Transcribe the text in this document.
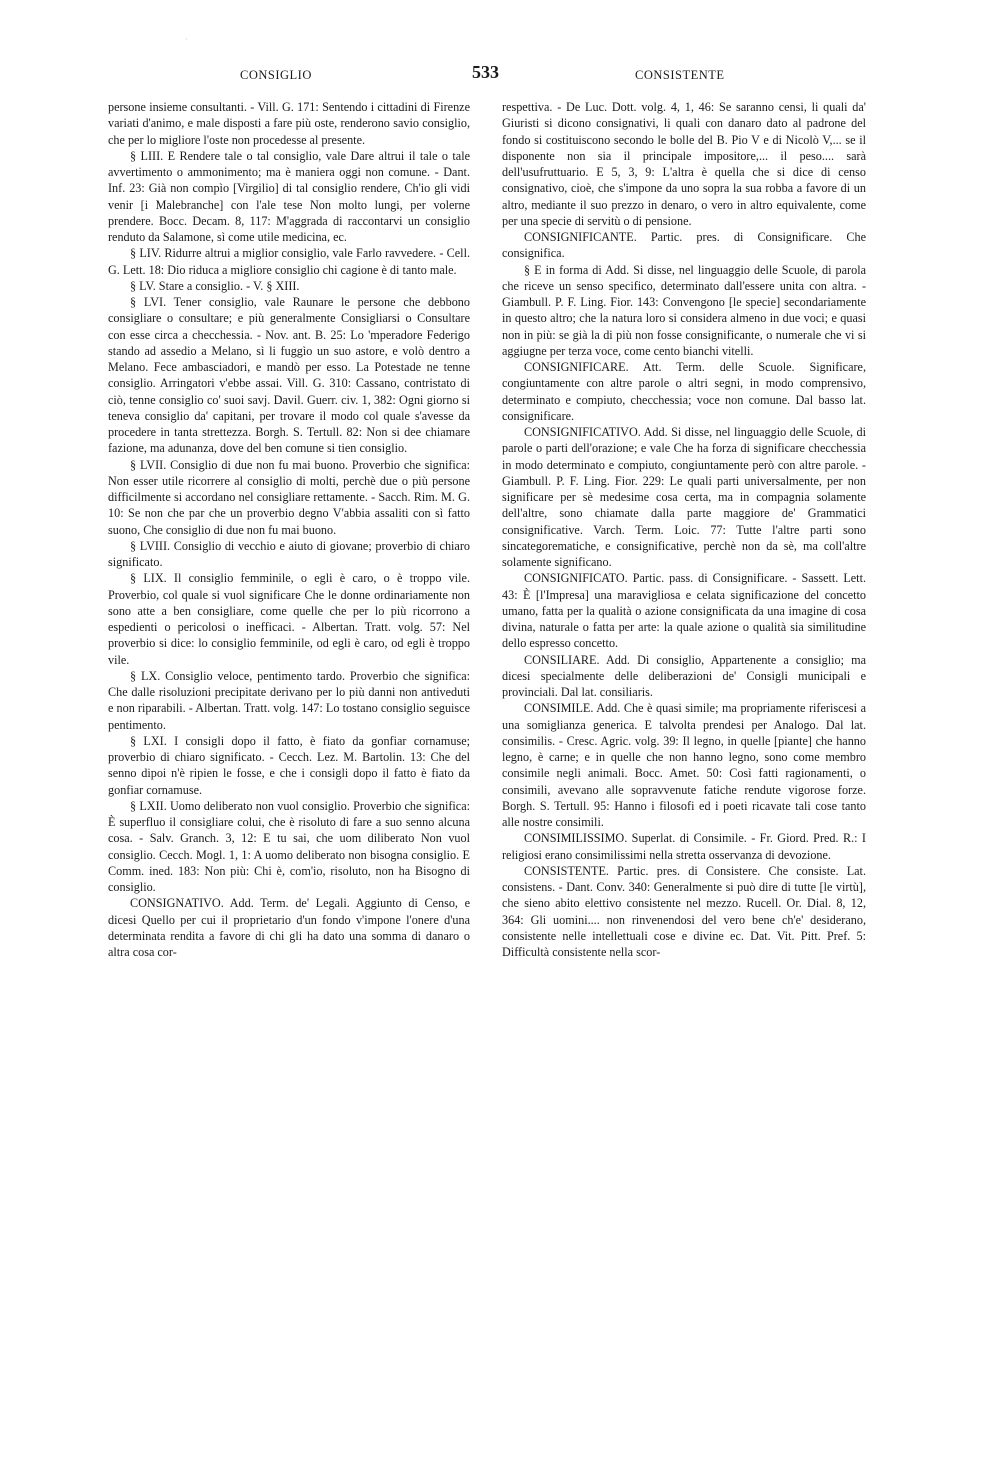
·
CONSIGLIO	533	CONSISTENTE

persone insieme consultanti. - Vill. G. 171: Sentendo i cittadini di Firenze variati d'animo, e male disposti a fare più oste, renderono savio consiglio, che per lo migliore l'oste non procedesse al presente.

§ LIII. E Rendere tale o tal consiglio, vale Dare altrui il tale o tale avvertimento o ammonimento; ma è maniera oggi non comune. - Dant. Inf. 23: Già non compìo [Virgilio] di tal consiglio rendere, Ch'io gli vidi venir [i Malebranche] con l'ale tese Non molto lungi, per volerne prendere. Bocc. Decam. 8, 117: M'aggrada di raccontarvi un consiglio renduto da Salamone, sì come utile medicina, ec.

§ LIV. Ridurre altrui a miglior consiglio, vale Farlo ravvedere. - Cell. G. Lett. 18: Dio riduca a migliore consiglio chi cagione è di tanto male.

§ LV. Stare a consiglio. - V. § XIII.

§ LVI. Tener consiglio, vale Raunare le persone che debbono consigliare o consultare; e più generalmente Consigliarsi o Consultare con esse circa a checchessia. - Nov. ant. B. 25: Lo 'mperadore Federigo stando ad assedio a Melano, sì li fuggìo un suo astore, e volò dentro a Melano. Fece ambasciadori, e mandò per esso. La Potestade ne tenne consiglio. Arringatori v'ebbe assai. Vill. G. 310: Cassano, contristato di ciò, tenne consiglio co' suoi savj. Davil. Guerr. civ. 1, 382: Ogni giorno si teneva consiglio da' capitani, per trovare il modo col quale s'avesse da procedere in tanta strettezza. Borgh. S. Tertull. 82: Non si dee chiamare fazione, ma adunanza, dove del ben comune si tien consiglio.

§ LVII. Consiglio di due non fu mai buono. Proverbio che significa: Non esser utile ricorrere al consiglio di molti, perchè due o più persone difficilmente si accordano nel consigliare rettamente. - Sacch. Rim. M. G. 10: Se non che par che un proverbio degno V'abbia assaliti con sì fatto suono, Che consiglio di due non fu mai buono.

§ LVIII. Consiglio di vecchio e aiuto di giovane; proverbio di chiaro significato.

§ LIX. Il consiglio femminile, o egli è caro, o è troppo vile. Proverbio, col quale si vuol significare Che le donne ordinariamente non sono atte a ben consigliare, come quelle che per lo più ricorrono a espedienti o pericolosi o inefficaci. - Albertan. Tratt. volg. 57: Nel proverbio si dice: lo consiglio femminile, od egli è caro, od egli è troppo vile.

§ LX. Consiglio veloce, pentimento tardo. Proverbio che significa: Che dalle risoluzioni precipitate derivano per lo più danni non antiveduti e non riparabili. - Albertan. Tratt. volg. 147: Lo tostano consiglio seguisce pentimento.

§ LXI. I consigli dopo il fatto, è fiato da gonfiar cornamuse; proverbio di chiaro significato. - Cecch. Lez. M. Bartolin. 13: Che del senno dipoi n'è ripien le fosse, e che i consigli dopo il fatto è fiato da gonfiar cornamuse.

§ LXII. Uomo deliberato non vuol consiglio. Proverbio che significa: È superfluo il consigliare colui, che è risoluto di fare a suo senno alcuna cosa. - Salv. Granch. 3, 12: E tu sai, che uom diliberato Non vuol consiglio. Cecch. Mogl. 1, 1: A uomo deliberato non bisogna consiglio. E Comm. ined. 183: Non più: Chi è, com'io, risoluto, non ha Bisogno di consiglio.

CONSIGNATIVO. Add. Term. de' Legali. Aggiunto di Censo, e dicesi Quello per cui il proprietario d'un fondo v'impone l'onere d'una determinata rendita a favore di chi gli ha dato una somma di danaro o altra cosa cor-

respettiva. - De Luc. Dott. volg. 4, 1, 46: Se saranno censi, li quali da' Giuristi si dicono consignativi, li quali con danaro dato al padrone del fondo si costituiscono secondo le bolle del B. Pio V e di Nicolò V,... se il disponente non sia il principale impositore,... il peso.... sarà dell'usufruttuario. E 5, 3, 9: L'altra è quella che si dice di censo consignativo, cioè, che s'impone da uno sopra la sua robba a favore di un altro, mediante il suo prezzo in denaro, o vero in altro equivalente, come per una specie di servitù o di pensione.

CONSIGNIFICANTE. Partic. pres. di Consignificare. Che consignifica.

§ E in forma di Add. Si disse, nel linguaggio delle Scuole, di parola che riceve un senso specifico, determinato dall'essere unita con altra. - Giambull. P. F. Ling. Fior. 143: Convengono [le specie] secondariamente in questo altro; che la natura loro si considera almeno in due voci; e quasi non in più: se già la di più non fosse consignificante, o numerale che vi si aggiugne per terza voce, come cento bianchi vitelli.

CONSIGNIFICARE. Att. Term. delle Scuole. Significare, congiuntamente con altre parole o altri segni, in modo comprensivo, determinato e compiuto, checchessia; voce non comune. Dal basso lat. consignificare.

CONSIGNIFICATIVO. Add. Si disse, nel linguaggio delle Scuole, di parole o parti dell'orazione; e vale Che ha forza di significare checchessia in modo determinato e compiuto, congiuntamente però con altre parole. - Giambull. P. F. Ling. Fior. 229: Le quali parti universalmente, per non significare per sè medesime cosa certa, ma in compagnia solamente dell'altre, sono chiamate dalla parte maggiore de' Grammatici consignificative. Varch. Term. Loic. 77: Tutte l'altre parti sono sincategorematiche, e consignificative, perchè non da sè, ma coll'altre solamente significano.

CONSIGNIFICATO. Partic. pass. di Consignificare. - Sassett. Lett. 43: È [l'Impresa] una maravigliosa e celata significazione del concetto umano, fatta per la qualità o azione consignificata da una imagine di cosa divina, naturale o fatta per arte: la quale azione o qualità sia similitudine dello espresso concetto.

CONSILIARE. Add. Di consiglio, Appartenente a consiglio; ma dicesi specialmente delle deliberazioni de' Consigli municipali e provinciali. Dal lat. consiliaris.

CONSIMILE. Add. Che è quasi simile; ma propriamente riferiscesi a una somiglianza generica. E talvolta prendesi per Analogo. Dal lat. consimilis. - Cresc. Agric. volg. 39: Il legno, in quelle [piante] che hanno legno, è carne; e in quelle che non hanno legno, sono come membro consimile negli animali. Bocc. Amet. 50: Così fatti ragionamenti, o consimili, avevano alle sopravvenute fatiche rendute vigorose forze. Borgh. S. Tertull. 95: Hanno i filosofi ed i poeti ricavate tali cose tanto alle nostre consimili.

CONSIMILISSIMO. Superlat. di Consimile. - Fr. Giord. Pred. R.: I religiosi erano consimilissimi nella stretta osservanza di devozione.

CONSISTENTE. Partic. pres. di Consistere. Che consiste. Lat. consistens. - Dant. Conv. 340: Generalmente si può dire di tutte [le virtù], che sieno abito elettivo consistente nel mezzo. Rucell. Or. Dial. 8, 12, 364: Gli uomini.... non rinvenendosi del vero bene ch'e' desiderano, consistente nelle intellettuali cose e divine ec. Dat. Vit. Pitt. Pref. 5: Difficultà consistente nella scor-
